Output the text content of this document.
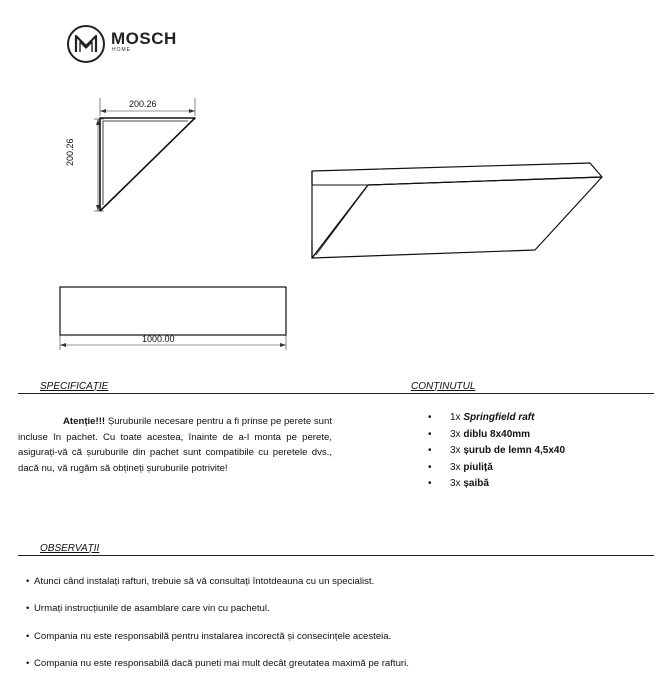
MOSCH
HOME
200.26
200.26
1000.00
SPECIFICAȚIE	CONȚINUTUL
Atenție!!! Șuruburile necesare pentru a fi prinse pe perete sunt incluse în pachet. Cu toate acestea, înainte de a-l monta pe perete, asigurați-vă că șuruburile din pachet sunt compatibile cu peretele dvs., dacă nu, vă rugăm să obțineți șuruburile potrivite!
• 1x Springfield raft
• 3x diblu 8x40mm
• 3x șurub de lemn 4,5x40
• 3x piuliță
• 3x șaibă
OBSERVAȚII
• Atunci când instalați rafturi, trebuie să vă consultați întotdeauna cu un specialist.
• Urmați instrucțiunile de asamblare care vin cu pachetul.
• Compania nu este responsabilă pentru instalarea incorectă și consecințele acesteia.
• Compania nu este responsabilă dacă puneti mai mult decât greutatea maximă pe rafturi.
